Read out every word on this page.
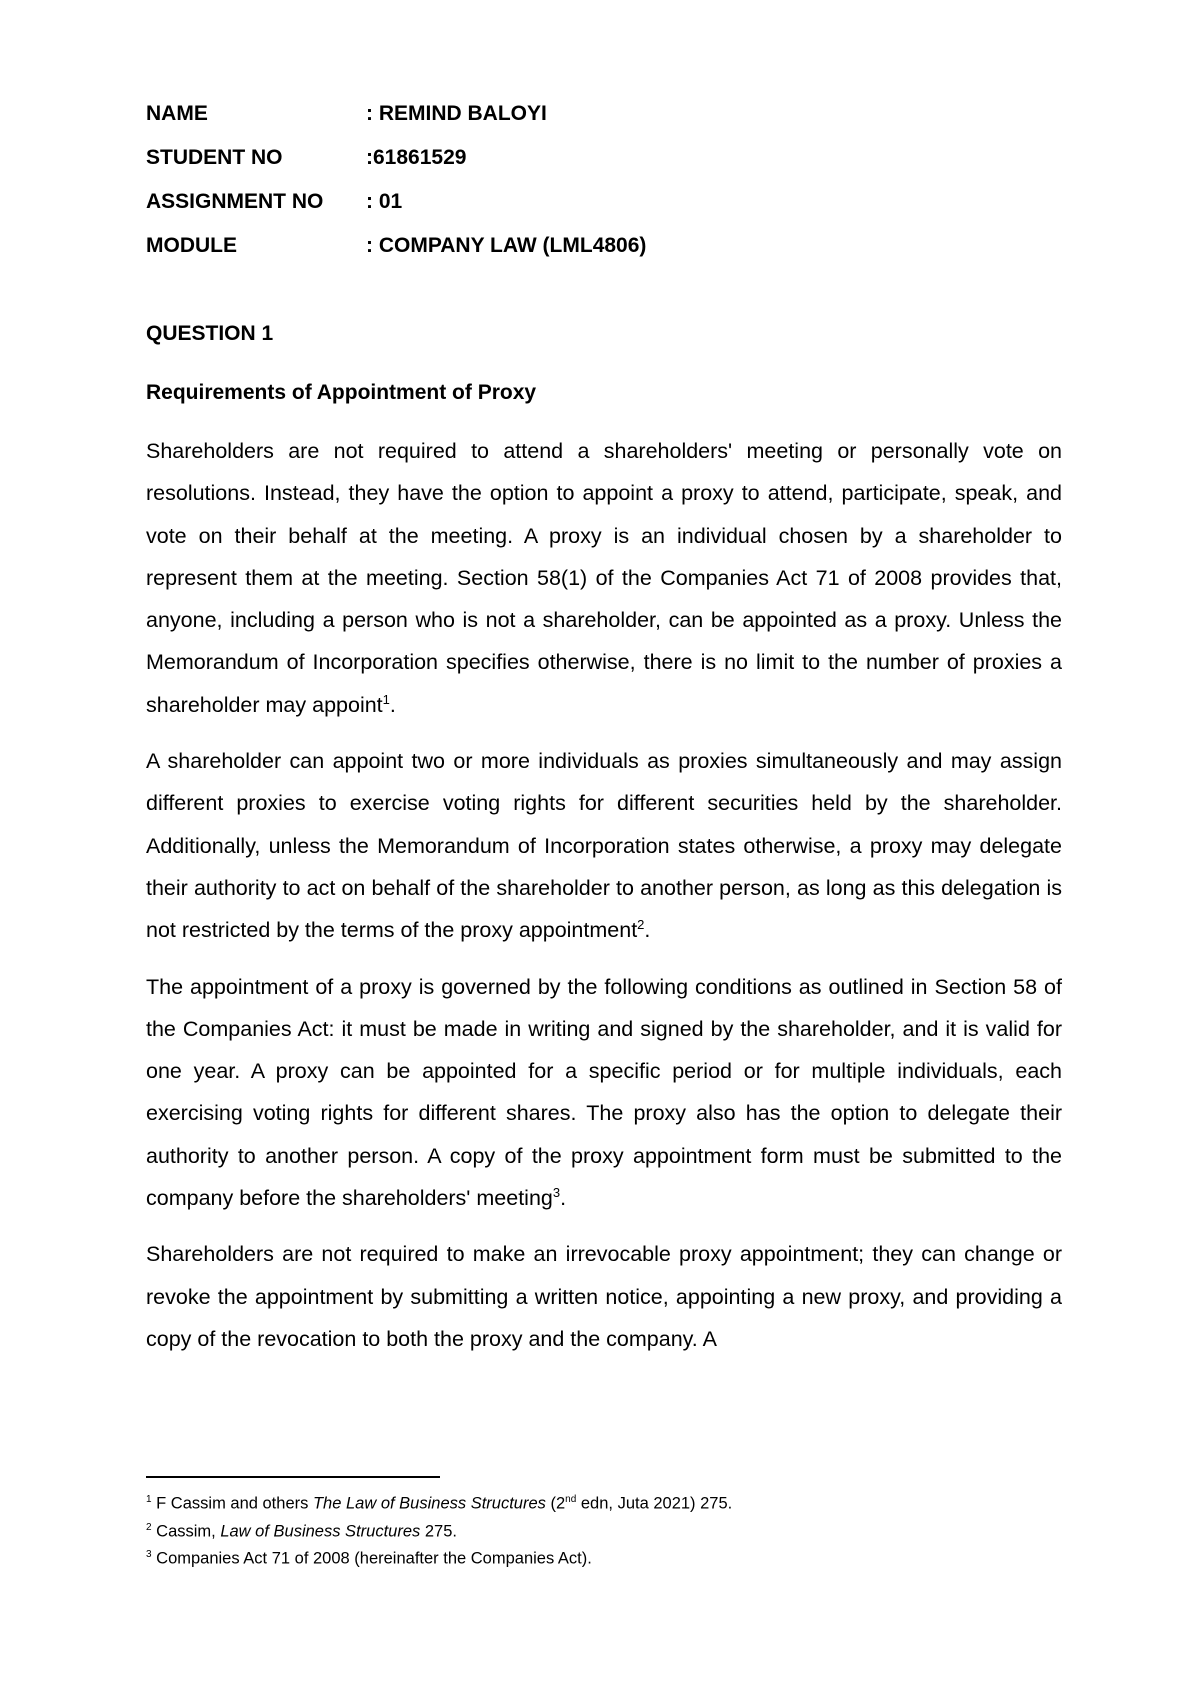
NAME	: REMIND BALOYI
STUDENT NO	:61861529
ASSIGNMENT NO	: 01
MODULE	: COMPANY LAW (LML4806)
QUESTION 1
Requirements of Appointment of Proxy

Shareholders are not required to attend a shareholders' meeting or personally vote on resolutions. Instead, they have the option to appoint a proxy to attend, participate, speak, and vote on their behalf at the meeting. A proxy is an individual chosen by a shareholder to represent them at the meeting. Section 58(1) of the Companies Act 71 of 2008 provides that, anyone, including a person who is not a shareholder, can be appointed as a proxy. Unless the Memorandum of Incorporation specifies otherwise, there is no limit to the number of proxies a shareholder may appoint$^1$.

A shareholder can appoint two or more individuals as proxies simultaneously and may assign different proxies to exercise voting rights for different securities held by the shareholder. Additionally, unless the Memorandum of Incorporation states otherwise, a proxy may delegate their authority to act on behalf of the shareholder to another person, as long as this delegation is not restricted by the terms of the proxy appointment$^2$.

The appointment of a proxy is governed by the following conditions as outlined in Section 58 of the Companies Act: it must be made in writing and signed by the shareholder, and it is valid for one year. A proxy can be appointed for a specific period or for multiple individuals, each exercising voting rights for different shares. The proxy also has the option to delegate their authority to another person. A copy of the proxy appointment form must be submitted to the company before the shareholders' meeting$^3$.

Shareholders are not required to make an irrevocable proxy appointment; they can change or revoke the appointment by submitting a written notice, appointing a new proxy, and providing a copy of the revocation to both the proxy and the company. A

$^1$ F Cassim and others The Law of Business Structures (2nd edn, Juta 2021) 275.
$^2$ Cassim, Law of Business Structures 275.
$^3$ Companies Act 71 of 2008 (hereinafter the Companies Act).
